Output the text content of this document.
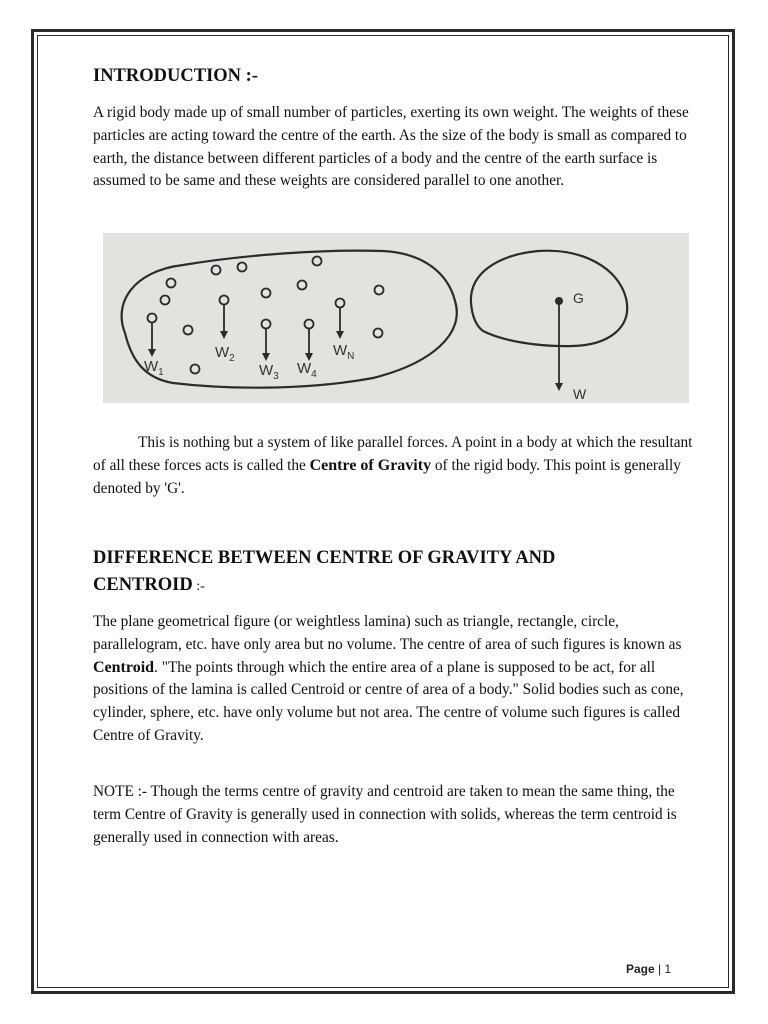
INTRODUCTION :-

A rigid body made up of small number of particles, exerting its own weight. The weights of these particles are acting toward the centre of the earth. As the size of the body is small as compared to earth, the distance between different particles of a body and the centre of the earth surface is assumed to be same and these weights are considered parallel to one another.

$W_1$
$W_2$
$W_3$ $W_4$
$W_N$
G
W

This is nothing but a system of like parallel forces. A point in a body at which the resultant of all these forces acts is called the Centre of Gravity of the rigid body. This point is generally denoted by 'G'.

DIFFERENCE BETWEEN CENTRE OF GRAVITY AND
CENTROID :-

The plane geometrical figure (or weightless lamina) such as triangle, rectangle, circle, parallelogram, etc. have only area but no volume. The centre of area of such figures is known as Centroid. "The points through which the entire area of a plane is supposed to be act, for all positions of the lamina is called Centroid or centre of area of a body." Solid bodies such as cone, cylinder, sphere, etc. have only volume but not area. The centre of volume such figures is called Centre of Gravity.

NOTE :- Though the terms centre of gravity and centroid are taken to mean the same thing, the term Centre of Gravity is generally used in connection with solids, whereas the term centroid is generally used in connection with areas.

Page | 1
